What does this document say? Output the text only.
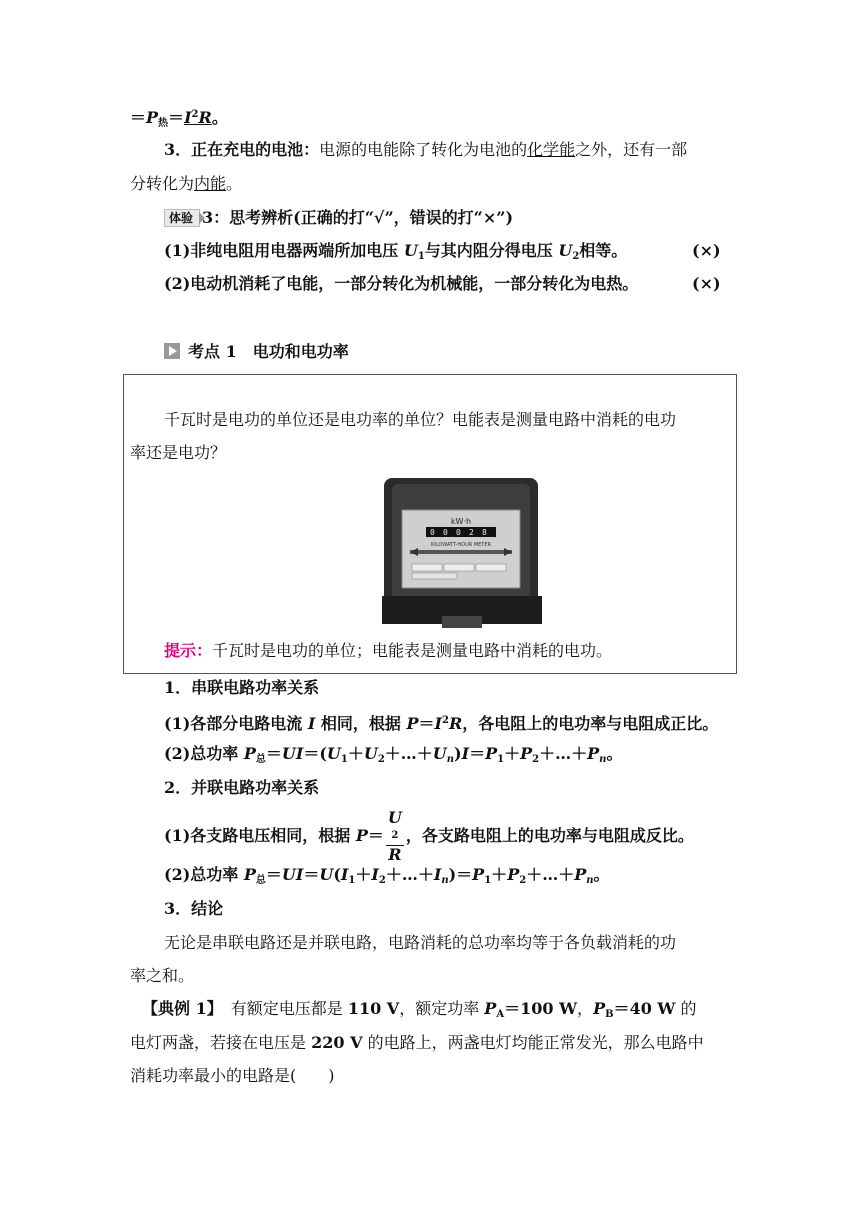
$=P_热=I^2R$。
3．正在充电的电池：电源的电能除了转化为电池的化学能之外，还有一部
分转化为内能。
体验 3：思考辨析(正确的打“√”，错误的打“×”)
(1)非纯电阻用电器两端所加电压 $U_1$与其内阻分得电压 $U_2$相等。	(×)
(2)电动机消耗了电能，一部分转化为机械能，一部分转化为电热。	(×)
考点 1　电功和电功率
千瓦时是电功的单位还是电功率的单位？电能表是测量电路中消耗的电功
率还是电功？
kW·h
0 0 0 2 8
KILOWATT-HOUR METER
提示：千瓦时是电功的单位；电能表是测量电路中消耗的电功。
1．串联电路功率关系
(1)各部分电路电流 I 相同，根据 $P=I^2R$，各电阻上的电功率与电阻成正比。
(2)总功率 $P_总=UI=(U_1+U_2+\dots+U_n)I=P_1+P_2+\dots+P_n$。
2．并联电路功率关系
(1)各支路电压相同，根据 P＝ U
2
R ，各支路电阻上的电功率与电阻成反比。
(2)总功率 $P_总=UI=U(I_1+I_2+\dots+I_n)=P_1+P_2+\dots+P_n$。
3．结论
无论是串联电路还是并联电路，电路消耗的总功率均等于各负载消耗的功
率之和。
【典例 1】　有额定电压都是 110 V，额定功率 $P_A=100$ W，$P_B=40$ W 的
电灯两盏，若接在电压是 220 V 的电路上，两盏电灯均能正常发光，那么电路中
消耗功率最小的电路是(　　)
